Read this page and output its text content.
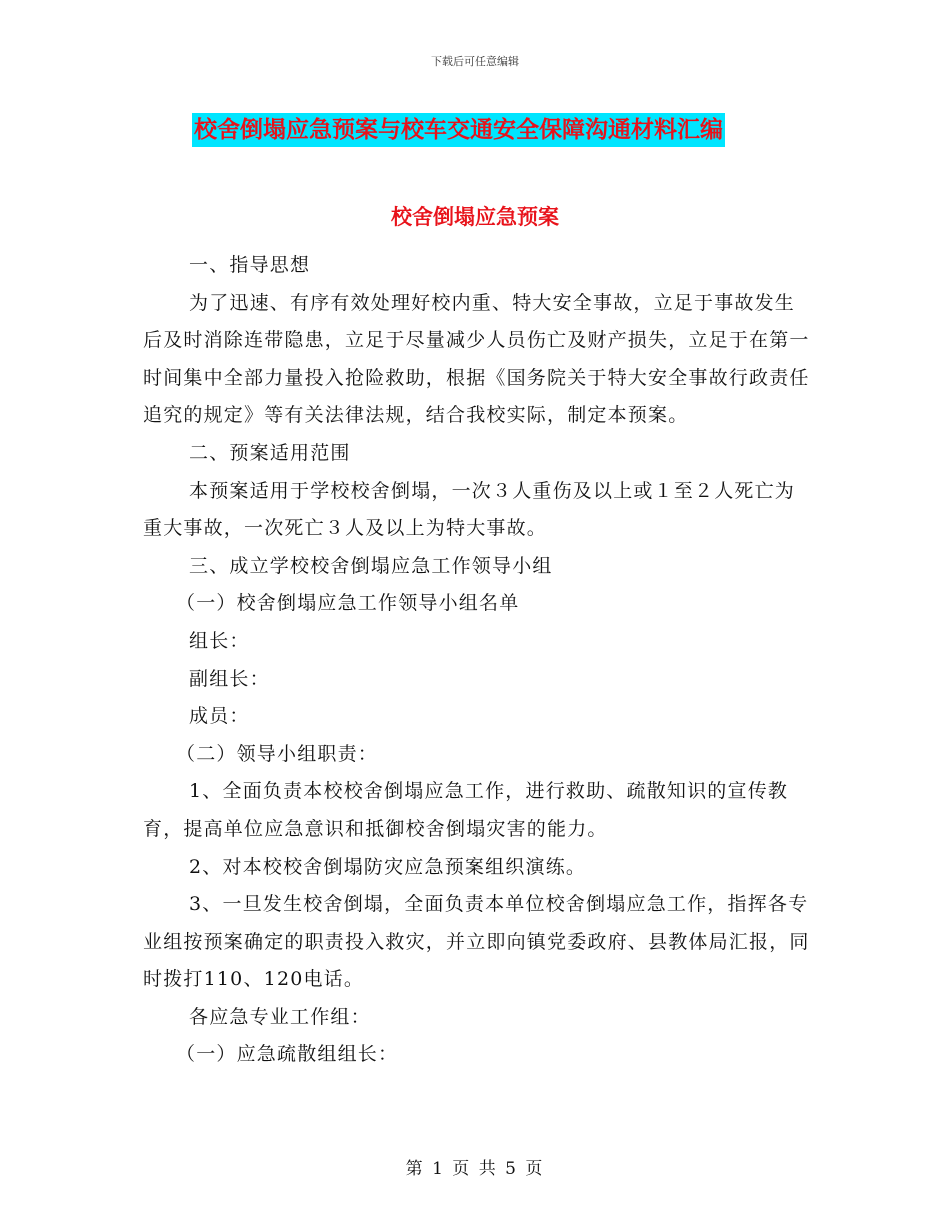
下载后可任意编辑
校舍倒塌应急预案与校车交通安全保障沟通材料汇编
校舍倒塌应急预案

一、指导思想

为了迅速、有序有效处理好校内重、特大安全事故，立足于事故发生后及时消除连带隐患，立足于尽量减少人员伤亡及财产损失，立足于在第一时间集中全部力量投入抢险救助，根据《国务院关于特大安全事故行政责任追究的规定》等有关法律法规，结合我校实际，制定本预案。

二、预案适用范围

本预案适用于学校校舍倒塌，一次３人重伤及以上或１至２人死亡为重大事故，一次死亡３人及以上为特大事故。

三、成立学校校舍倒塌应急工作领导小组

（一）校舍倒塌应急工作领导小组名单

组长：

副组长：

成员：

（二）领导小组职责：

1、全面负责本校校舍倒塌应急工作，进行救助、疏散知识的宣传教育，提高单位应急意识和抵御校舍倒塌灾害的能力。

2、对本校校舍倒塌防灾应急预案组织演练。

3、一旦发生校舍倒塌，全面负责本单位校舍倒塌应急工作，指挥各专业组按预案确定的职责投入救灾，并立即向镇党委政府、县教体局汇报，同时拨打110、120电话。

各应急专业工作组：

（一）应急疏散组组长：

第 1 页 共 5 页
